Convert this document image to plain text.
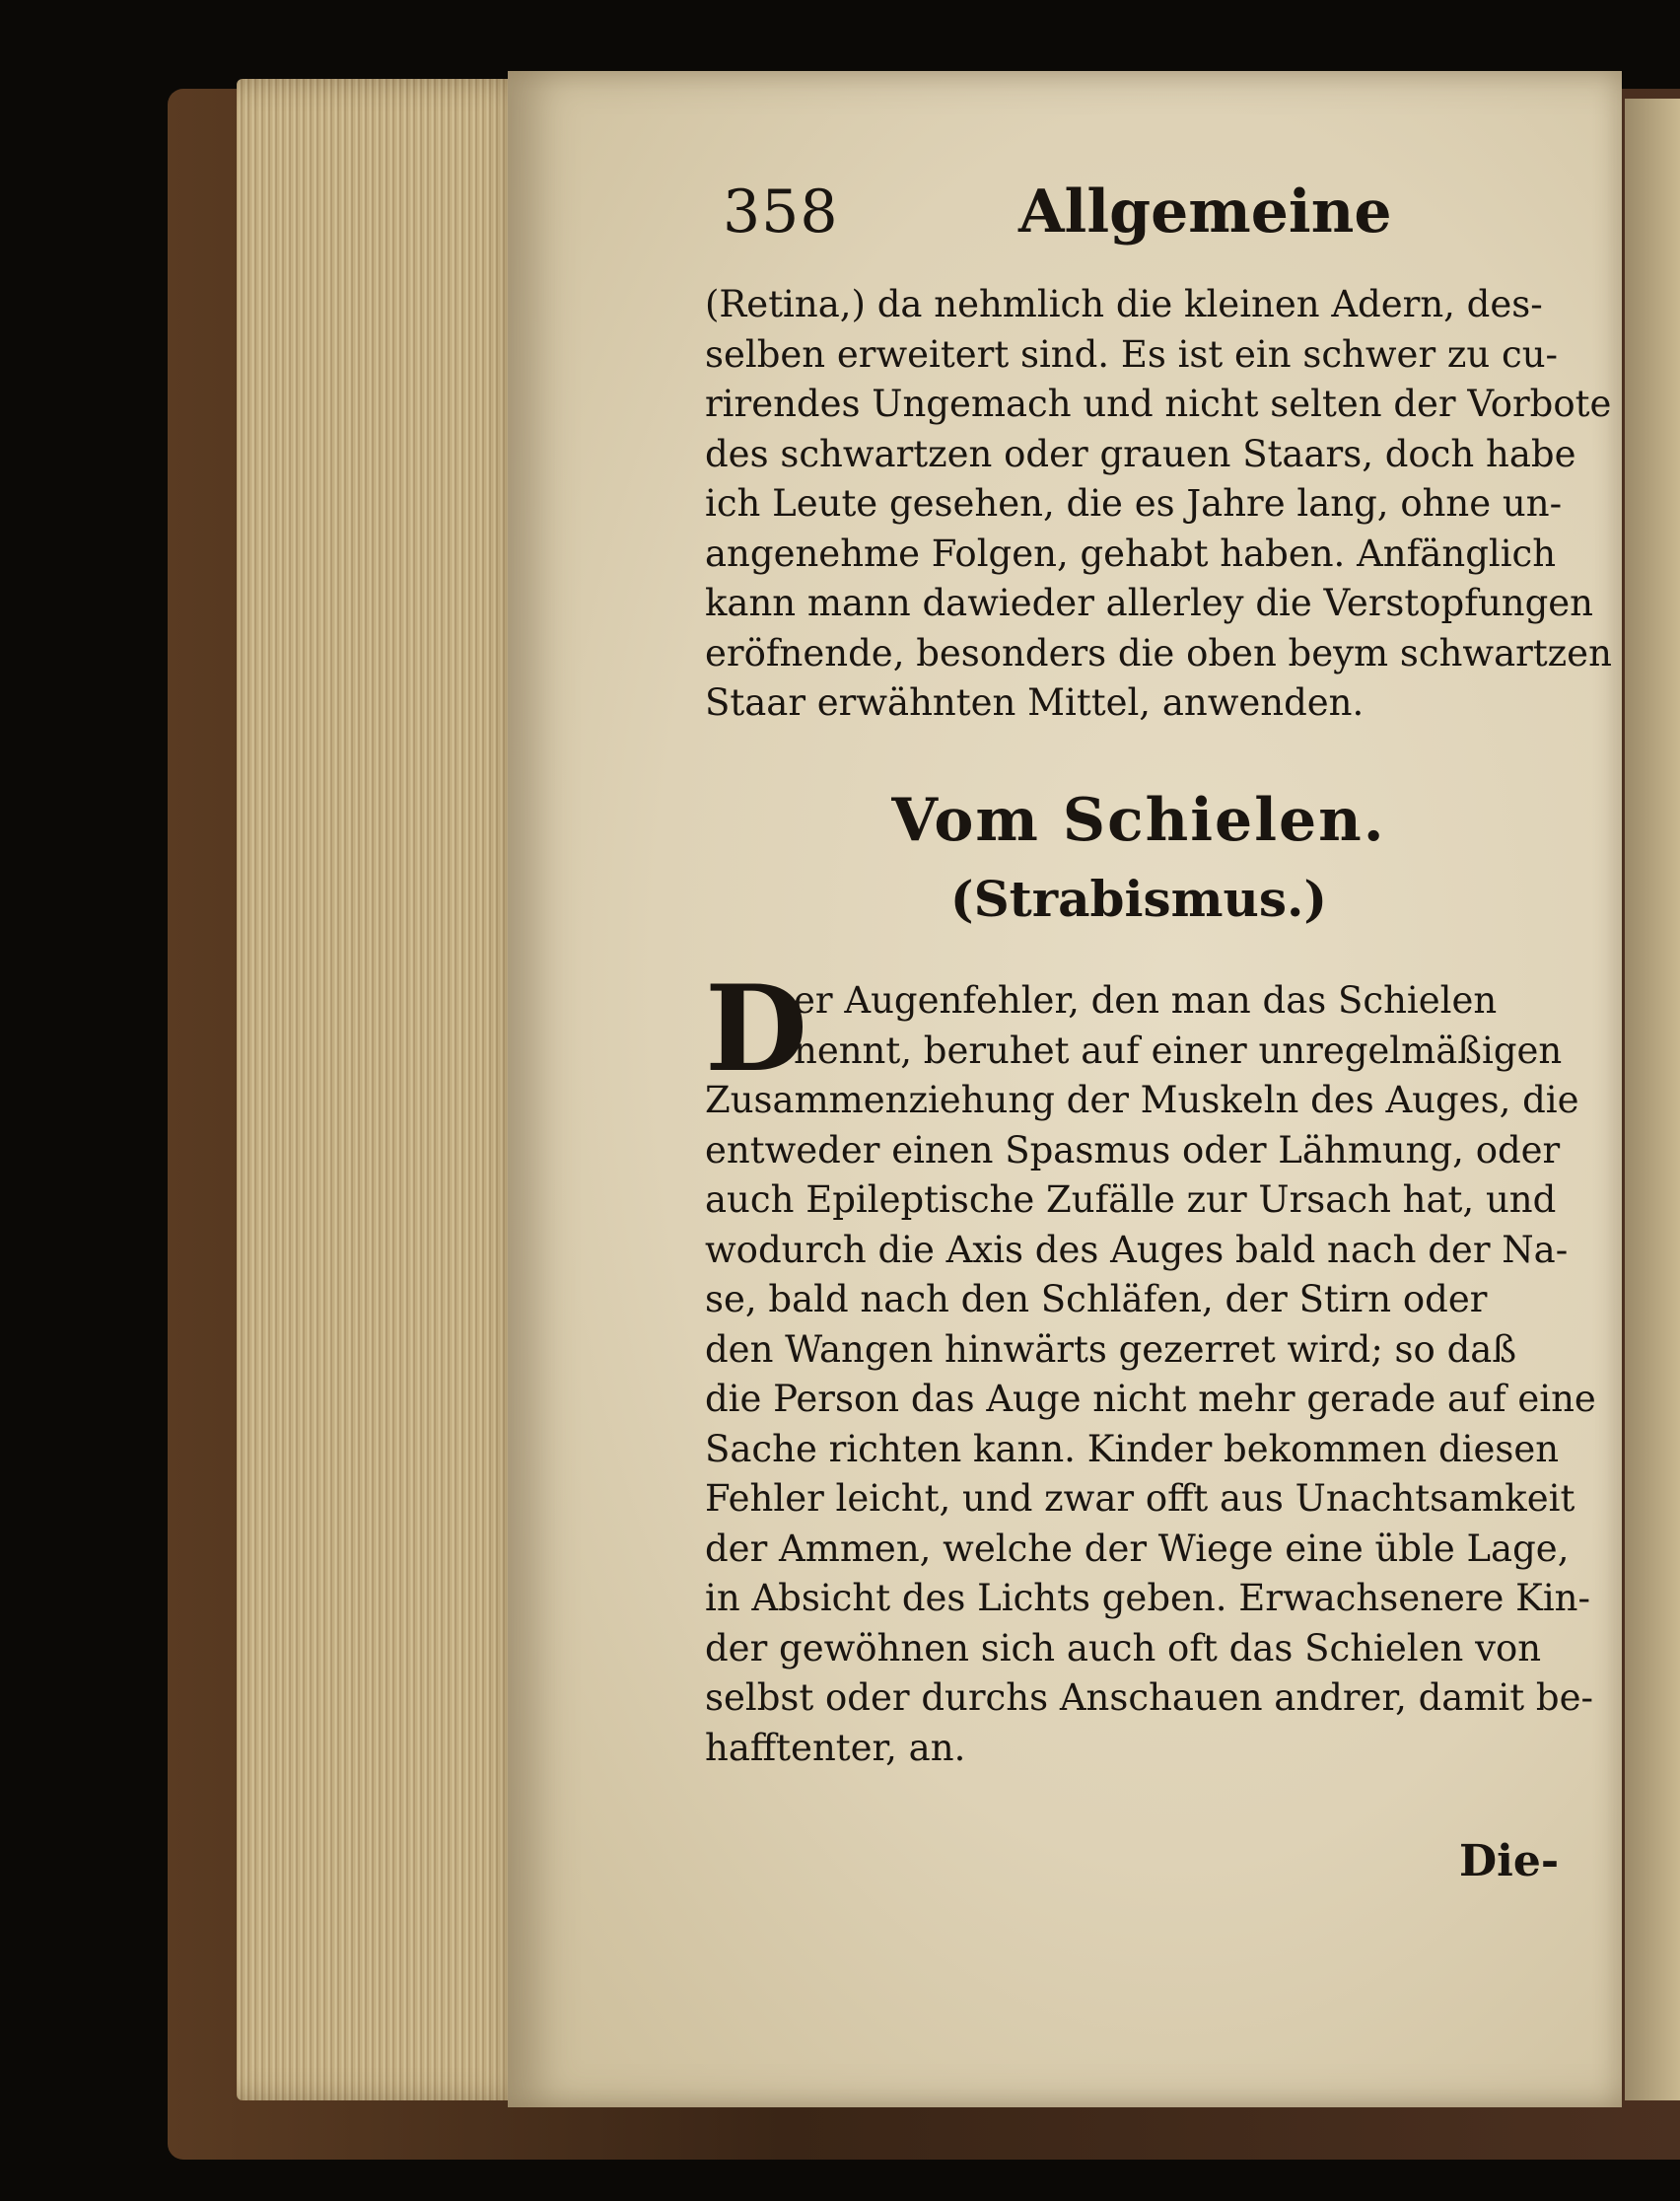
358	Allgemeine
(Retina,) da nehmlich die kleinen Adern, des-
selben erweitert sind. Es ist ein schwer zu cu-
rirendes Ungemach und nicht selten der Vorbote
des schwartzen oder grauen Staars, doch habe
ich Leute gesehen, die es Jahre lang, ohne un-
angenehme Folgen, gehabt haben. Anfänglich
kann mann dawieder allerley die Verstopfungen
eröfnende, besonders die oben beym schwartzen
Staar erwähnten Mittel, anwenden.
Vom Schielen.
(Strabismus.)
D
er Augenfehler, den man das Schielen
nennt, beruhet auf einer unregelmäßigen
Zusammenziehung der Muskeln des Auges, die
entweder einen Spasmus oder Lähmung, oder
auch Epileptische Zufälle zur Ursach hat, und
wodurch die Axis des Auges bald nach der Na-
se, bald nach den Schläfen, der Stirn oder
den Wangen hinwärts gezerret wird; so daß
die Person das Auge nicht mehr gerade auf eine
Sache richten kann. Kinder bekommen diesen
Fehler leicht, und zwar offt aus Unachtsamkeit
der Ammen, welche der Wiege eine üble Lage,
in Absicht des Lichts geben. Erwachsenere Kin-
der gewöhnen sich auch oft das Schielen von
selbst oder durchs Anschauen andrer, damit be-
hafftenter, an.
Die-
